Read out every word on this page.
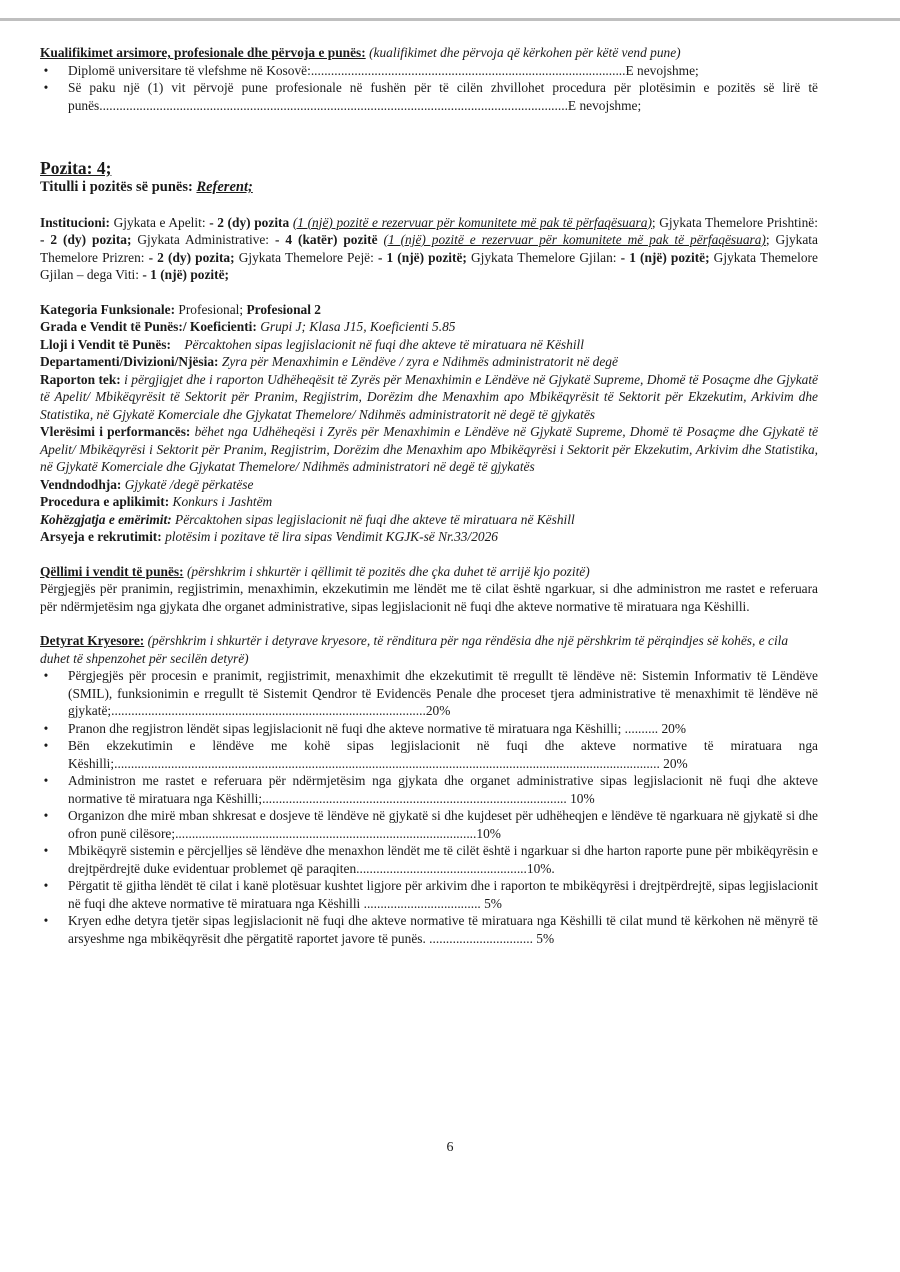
Kualifikimet arsimore, profesionale dhe përvoja e punës: (kualifikimet dhe përvoja që kërkohen për këtë vend pune)

• Diplomë universitare të vlefshme në Kosovë:..............................................................................................E nevojshme;
• Së paku një (1) vit përvojë pune profesionale në fushën për të cilën zhvillohet procedura për plotësimin e pozitës së lirë të punës............................................................................................................................................E nevojshme;
Pozita: 4;

Titulli i pozitës së punës: Referent;

Institucioni: Gjykata e Apelit: - 2 (dy) pozita (1 (një) pozitë e rezervuar për komunitete më pak të përfaqësuara); Gjykata Themelore Prishtinë: - 2 (dy) pozita; Gjykata Administrative: - 4 (katër) pozitë (1 (një) pozitë e rezervuar për komunitete më pak të përfaqësuara); Gjykata Themelore Prizren: - 2 (dy) pozita; Gjykata Themelore Pejë: - 1 (një) pozitë; Gjykata Themelore Gjilan: - 1 (një) pozitë; Gjykata Themelore Gjilan – dega Viti: - 1 (një) pozitë;

Kategoria Funksionale: Profesional; Profesional 2

Grada e Vendit të Punës:/ Koeficienti: Grupi J; Klasa J15, Koeficienti 5.85

Lloji i Vendit të Punës: Përcaktohen sipas legjislacionit në fuqi dhe akteve të miratuara në Këshill

Departamenti/Divizioni/Njësia: Zyra për Menaxhimin e Lëndëve / zyra e Ndihmës administratorit në degë

Raporton tek: i përgjigjet dhe i raporton Udhëheqësit të Zyrës për Menaxhimin e Lëndëve në Gjykatë Supreme, Dhomë të Posaçme dhe Gjykatë të Apelit/ Mbikëqyrësit të Sektorit për Pranim, Regjistrim, Dorëzim dhe Menaxhim apo Mbikëqyrësit të Sektorit për Ekzekutim, Arkivim dhe Statistika, në Gjykatë Komerciale dhe Gjykatat Themelore/ Ndihmës administratorit në degë të gjykatës

Vlerësimi i performancës: bëhet nga Udhëheqësi i Zyrës për Menaxhimin e Lëndëve në Gjykatë Supreme, Dhomë të Posaçme dhe Gjykatë të Apelit/ Mbikëqyrësi i Sektorit për Pranim, Regjistrim, Dorëzim dhe Menaxhim apo Mbikëqyrësi i Sektorit për Ekzekutim, Arkivim dhe Statistika, në Gjykatë Komerciale dhe Gjykatat Themelore/ Ndihmës administratori në degë të gjykatës

Vendndodhja: Gjykatë /degë përkatëse

Procedura e aplikimit: Konkurs i Jashtëm

Kohëzgjatja e emërimit: Përcaktohen sipas legjislacionit në fuqi dhe akteve të miratuara në Këshill

Arsyeja e rekrutimit: plotësim i pozitave të lira sipas Vendimit KGJK-së Nr.33/2026

Qëllimi i vendit të punës: (përshkrim i shkurtër i qëllimit të pozitës dhe çka duhet të arrijë kjo pozitë)

Përgjegjës për pranimin, regjistrimin, menaxhimin, ekzekutimin me lëndët me të cilat është ngarkuar, si dhe administron me rastet e referuara për ndërmjetësim nga gjykata dhe organet administrative, sipas legjislacionit në fuqi dhe akteve normative të miratuara nga Këshilli.

Detyrat Kryesore: (përshkrim i shkurtër i detyrave kryesore, të rënditura për nga rëndësia dhe një përshkrim të përqindjes së kohës, e cila duhet të shpenzohet për secilën detyrë)

• Përgjegjës për procesin e pranimit, regjistrimit, menaxhimit dhe ekzekutimit të rregullt të lëndëve në: Sistemin Informativ të Lëndëve (SMIL), funksionimin e rregullt të Sistemit Qendror të Evidencës Penale dhe proceset tjera administrative të menaxhimit të lëndëve në gjykatë;..............................................................................................20%
• Pranon dhe regjistron lëndët sipas legjislacionit në fuqi dhe akteve normative të miratuara nga Këshilli; .......... 20%
• Bën ekzekutimin e lëndëve me kohë sipas legjislacionit në fuqi dhe akteve normative të miratuara nga Këshilli;................................................................................................................................................................... 20%
• Administron me rastet e referuara për ndërmjetësim nga gjykata dhe organet administrative sipas legjislacionit në fuqi dhe akteve normative të miratuara nga Këshilli;........................................................................................... 10%
• Organizon dhe mirë mban shkresat e dosjeve të lëndëve në gjykatë si dhe kujdeset për udhëheqjen e lëndëve të ngarkuara në gjykatë si dhe ofron punë cilësore;..........................................................................................10%
• Mbikëqyrë sistemin e përcjelljes së lëndëve dhe menaxhon lëndët me të cilët është i ngarkuar si dhe harton raporte pune për mbikëqyrësin e drejtpërdrejtë duke evidentuar problemet që paraqiten...................................................10%.
• Përgatit të gjitha lëndët të cilat i kanë plotësuar kushtet ligjore për arkivim dhe i raporton te mbikëqyrësi i drejtpërdrejtë, sipas legjislacionit në fuqi dhe akteve normative të miratuara nga Këshilli ................................... 5%
• Kryen edhe detyra tjetër sipas legjislacionit në fuqi dhe akteve normative të miratuara nga Këshilli të cilat mund të kërkohen në mënyrë të arsyeshme nga mbikëqyrësit dhe përgatitë raportet javore të punës. ............................... 5%
6
